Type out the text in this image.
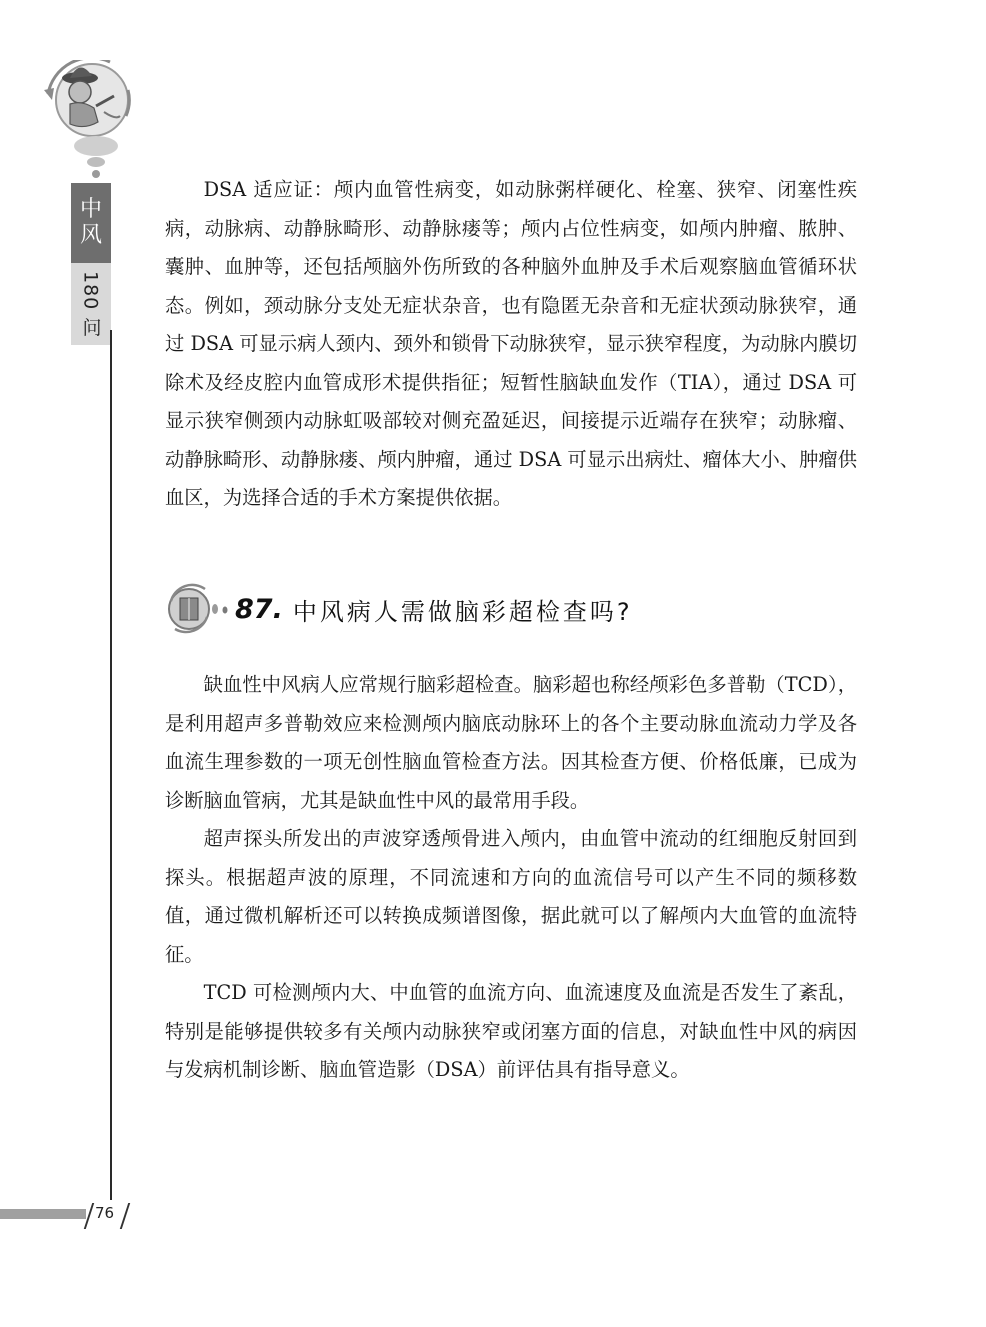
中
风
180 问

DSA 适应证：颅内血管性病变，如动脉粥样硬化、栓塞、狭窄、闭塞性疾病，动脉病、动静脉畸形、动静脉瘘等；颅内占位性病变，如颅内肿瘤、脓肿、囊肿、血肿等，还包括颅脑外伤所致的各种脑外血肿及手术后观察脑血管循环状态。例如，颈动脉分支处无症状杂音，也有隐匿无杂音和无症状颈动脉狭窄，通过 DSA 可显示病人颈内、颈外和锁骨下动脉狭窄，显示狭窄程度，为动脉内膜切除术及经皮腔内血管成形术提供指征；短暂性脑缺血发作（TIA），通过 DSA 可显示狭窄侧颈内动脉虹吸部较对侧充盈延迟，间接提示近端存在狭窄；动脉瘤、动静脉畸形、动静脉瘘、颅内肿瘤，通过 DSA 可显示出病灶、瘤体大小、肿瘤供血区，为选择合适的手术方案提供依据。

87. 中风病人需做脑彩超检查吗?

缺血性中风病人应常规行脑彩超检查。脑彩超也称经颅彩色多普勒（TCD），是利用超声多普勒效应来检测颅内脑底动脉环上的各个主要动脉血流动力学及各血流生理参数的一项无创性脑血管检查方法。因其检查方便、价格低廉，已成为诊断脑血管病，尤其是缺血性中风的最常用手段。

超声探头所发出的声波穿透颅骨进入颅内，由血管中流动的红细胞反射回到探头。根据超声波的原理，不同流速和方向的血流信号可以产生不同的频移数值，通过微机解析还可以转换成频谱图像，据此就可以了解颅内大血管的血流特征。

TCD 可检测颅内大、中血管的血流方向、血流速度及血流是否发生了紊乱，特别是能够提供较多有关颅内动脉狭窄或闭塞方面的信息，对缺血性中风的病因与发病机制诊断、脑血管造影（DSA）前评估具有指导意义。

76
